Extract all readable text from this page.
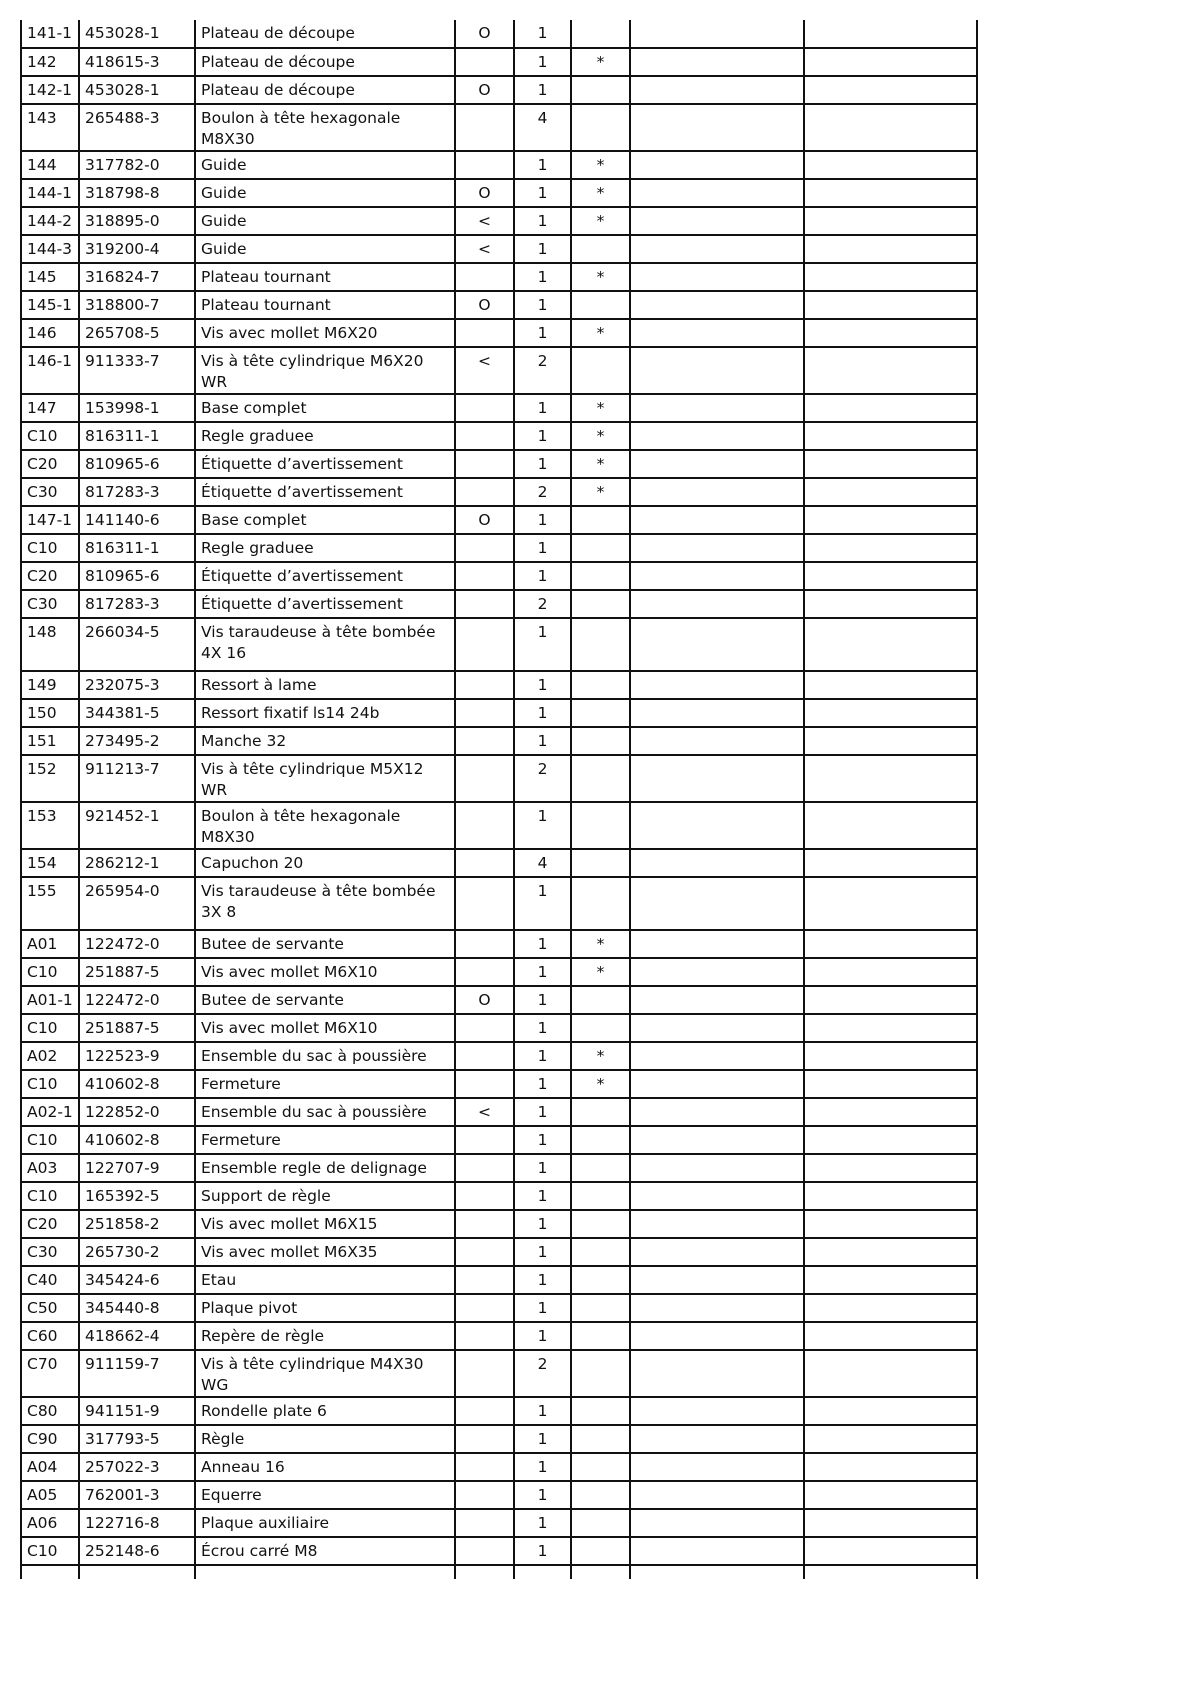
141-1	453028-1	Plateau de découpe	O	1			
142	418615-3	Plateau de découpe		1	*		
142-1	453028-1	Plateau de découpe	O	1			
143	265488-3	Boulon à tête hexagonale M8X30		4			
144	317782-0	Guide		1	*		
144-1	318798-8	Guide	O	1	*		
144-2	318895-0	Guide	<	1	*		
144-3	319200-4	Guide	<	1			
145	316824-7	Plateau tournant		1	*		
145-1	318800-7	Plateau tournant	O	1			
146	265708-5	Vis avec mollet M6X20		1	*		
146-1	911333-7	Vis à tête cylindrique M6X20 WR	<	2			
147	153998-1	Base complet		1	*		
C10	816311-1	Regle graduee		1	*		
C20	810965-6	Étiquette d’avertissement		1	*		
C30	817283-3	Étiquette d’avertissement		2	*		
147-1	141140-6	Base complet	O	1			
C10	816311-1	Regle graduee		1			
C20	810965-6	Étiquette d’avertissement		1			
C30	817283-3	Étiquette d’avertissement		2			
148	266034-5	Vis taraudeuse à tête bombée 4X 16		1			
149	232075-3	Ressort à lame		1			
150	344381-5	Ressort fixatif ls14 24b		1			
151	273495-2	Manche 32		1			
152	911213-7	Vis à tête cylindrique M5X12 WR		2			
153	921452-1	Boulon à tête hexagonale M8X30		1			
154	286212-1	Capuchon 20		4			
155	265954-0	Vis taraudeuse à tête bombée 3X 8		1			
A01	122472-0	Butee de servante		1	*		
C10	251887-5	Vis avec mollet M6X10		1	*		
A01-1	122472-0	Butee de servante	O	1			
C10	251887-5	Vis avec mollet M6X10		1			
A02	122523-9	Ensemble du sac à poussière		1	*		
C10	410602-8	Fermeture		1	*		
A02-1	122852-0	Ensemble du sac à poussière	<	1			
C10	410602-8	Fermeture		1			
A03	122707-9	Ensemble regle de delignage		1			
C10	165392-5	Support de règle		1			
C20	251858-2	Vis avec mollet M6X15		1			
C30	265730-2	Vis avec mollet M6X35		1			
C40	345424-6	Etau		1			
C50	345440-8	Plaque pivot		1			
C60	418662-4	Repère de règle		1			
C70	911159-7	Vis à tête cylindrique M4X30 WG		2			
C80	941151-9	Rondelle plate 6		1			
C90	317793-5	Règle		1			
A04	257022-3	Anneau 16		1			
A05	762001-3	Equerre		1			
A06	122716-8	Plaque auxiliaire		1			
C10	252148-6	Écrou carré M8		1			
